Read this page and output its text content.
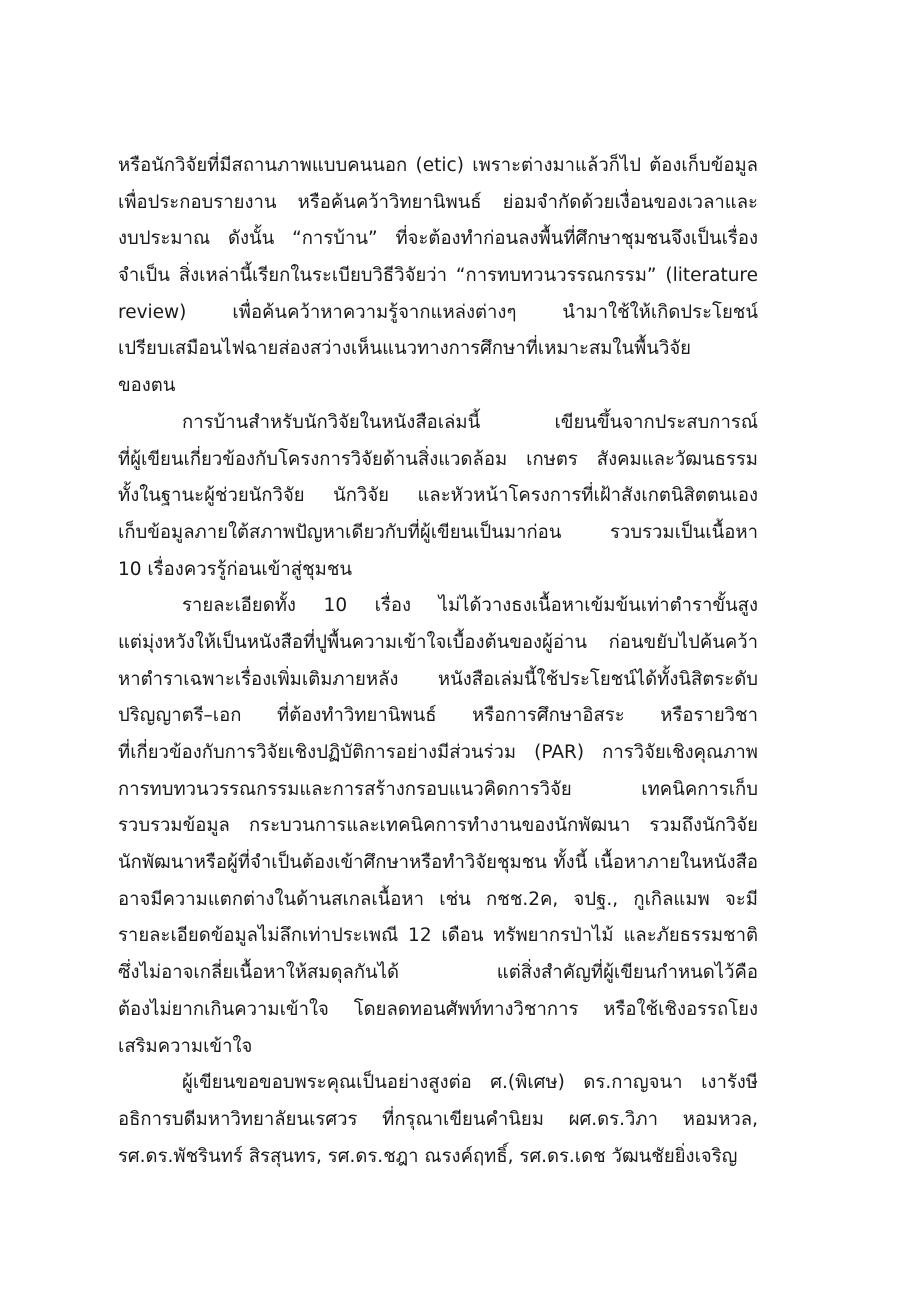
หรือนักวิจัยที่มีสถานภาพแบบคนนอก (etic) เพราะต่างมาแล้วก็ไป ต้องเก็บข้อมูล
เพื่อประกอบรายงาน หรือค้นคว้าวิทยานิพนธ์ ย่อมจำกัดด้วยเงื่อนของเวลาและ
งบประมาณ ดังนั้น “การบ้าน” ที่จะต้องทำก่อนลงพื้นที่ศึกษาชุมชนจึงเป็นเรื่อง
จำเป็น สิ่งเหล่านี้เรียกในระเบียบวิธีวิจัยว่า “การทบทวนวรรณกรรม” (literature
review) เพื่อค้นคว้าหาความรู้จากแหล่งต่างๆ นำมาใช้ให้เกิดประโยชน์
เปรียบเสมือนไฟฉายส่องสว่างเห็นแนวทางการศึกษาที่เหมาะสมในพื้นวิจัย
ของตน
การบ้านสำหรับนักวิจัยในหนังสือเล่มนี้ เขียนขึ้นจากประสบการณ์
ที่ผู้เขียนเกี่ยวข้องกับโครงการวิจัยด้านสิ่งแวดล้อม เกษตร สังคมและวัฒนธรรม
ทั้งในฐานะผู้ช่วยนักวิจัย นักวิจัย และหัวหน้าโครงการที่เฝ้าสังเกตนิสิตตนเอง
เก็บข้อมูลภายใต้สภาพปัญหาเดียวกับที่ผู้เขียนเป็นมาก่อน รวบรวมเป็นเนื้อหา
10 เรื่องควรรู้ก่อนเข้าสู่ชุมชน
รายละเอียดทั้ง 10 เรื่อง ไม่ได้วางธงเนื้อหาเข้มข้นเท่าตำราขั้นสูง
แต่มุ่งหวังให้เป็นหนังสือที่ปูพื้นความเข้าใจเบื้องต้นของผู้อ่าน ก่อนขยับไปค้นคว้า
หาตำราเฉพาะเรื่องเพิ่มเติมภายหลัง หนังสือเล่มนี้ใช้ประโยชน์ได้ทั้งนิสิตระดับ
ปริญญาตรี–เอก ที่ต้องทำวิทยานิพนธ์ หรือการศึกษาอิสระ หรือรายวิชา
ที่เกี่ยวข้องกับการวิจัยเชิงปฏิบัติการอย่างมีส่วนร่วม (PAR) การวิจัยเชิงคุณภาพ
การทบทวนวรรณกรรมและการสร้างกรอบแนวคิดการวิจัย เทคนิคการเก็บ
รวบรวมข้อมูล กระบวนการและเทคนิคการทำงานของนักพัฒนา รวมถึงนักวิจัย
นักพัฒนาหรือผู้ที่จำเป็นต้องเข้าศึกษาหรือทำวิจัยชุมชน ทั้งนี้ เนื้อหาภายในหนังสือ
อาจมีความแตกต่างในด้านสเกลเนื้อหา เช่น กชช.2ค, จปฐ., กูเกิลแมพ จะมี
รายละเอียดข้อมูลไม่ลึกเท่าประเพณี 12 เดือน ทรัพยากรป่าไม้ และภัยธรรมชาติ
ซึ่งไม่อาจเกลี่ยเนื้อหาให้สมดุลกันได้ แต่สิ่งสำคัญที่ผู้เขียนกำหนดไว้คือ
ต้องไม่ยากเกินความเข้าใจ โดยลดทอนศัพท์ทางวิชาการ หรือใช้เชิงอรรถโยง
เสริมความเข้าใจ
ผู้เขียนขอขอบพระคุณเป็นอย่างสูงต่อ ศ.(พิเศษ) ดร.กาญจนา เงารังษี
อธิการบดีมหาวิทยาลัยนเรศวร ที่กรุณาเขียนคำนิยม ผศ.ดร.วิภา หอมหวล,
รศ.ดร.พัชรินทร์ สิรสุนทร, รศ.ดร.ชฎา ณรงค์ฤทธิ์, รศ.ดร.เดช วัฒนชัยยิ่งเจริญ
